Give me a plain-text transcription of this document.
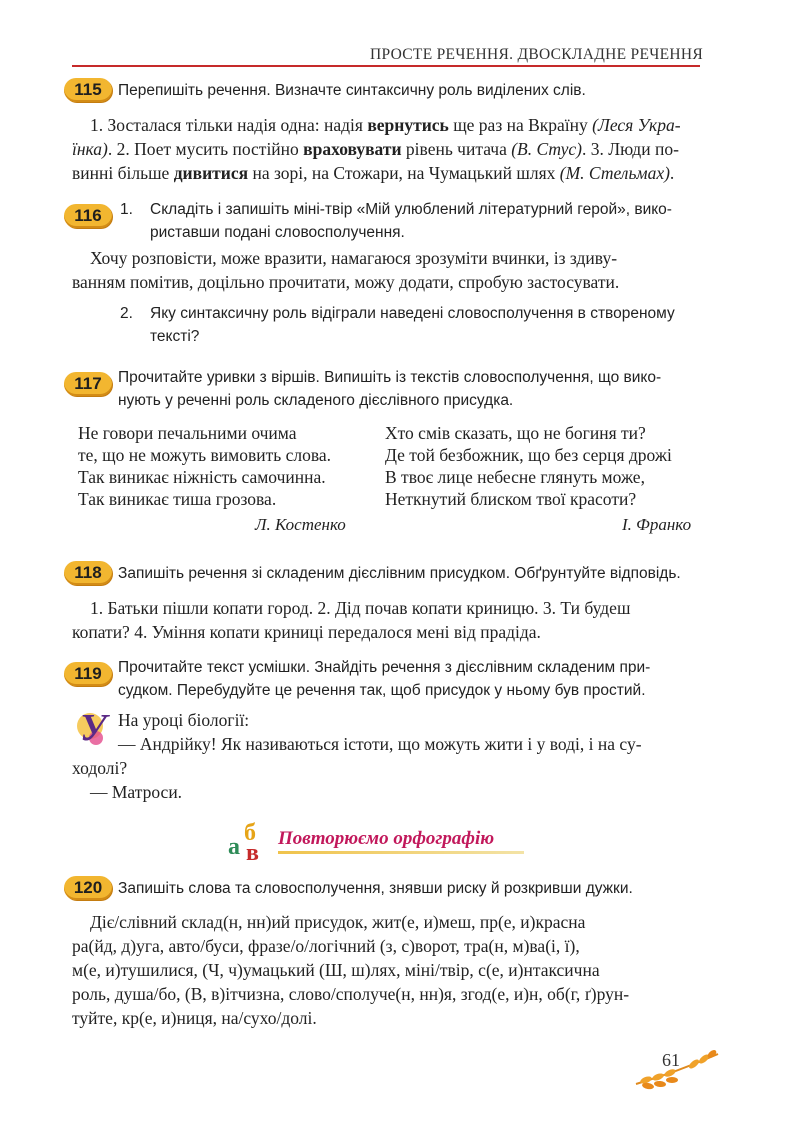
ПРОСТЕ РЕЧЕННЯ. ДВОСКЛАДНЕ РЕЧЕННЯ
115	Перепишіть речення. Визначте синтаксичну роль виділених слів.
1. Зосталася тільки надія одна: надія вернутись ще раз на Вкраїну (Леся Укра-
їнка). 2. Поет мусить постійно враховувати рівень читача (В. Стус). 3. Люди по-
винні більше дивитися на зорі, на Стожари, на Чумацький шлях (М. Стельмах).
116	1. Складіть і запишіть міні-твір «Мій улюблений літературний герой», вико-
риставши подані словосполучення.
Хочу розповісти, може вразити, намагаюся зрозуміти вчинки, із здиву-
ванням помітив, доцільно прочитати, можу додати, спробую застосувати.
2. Яку синтаксичну роль відіграли наведені словосполучення в створеному
тексті?
117	Прочитайте уривки з віршів. Випишіть із текстів словосполучення, що вико-
нують у реченні роль складеного дієслівного присудка.
Не говори печальними очима
те, що не можуть вимовить слова.
Так виникає ніжність самочинна.
Так виникає тиша грозова.
Л. Костенко
Хто смів сказать, що не богиня ти?
Де той безбожник, що без серця дрожі
В твоє лице небесне глянуть може,
Неткнутий блиском твої красоти?
І. Франко
118	Запишіть речення зі складеним дієслівним присудком. Обґрунтуйте відповідь.
1. Батьки пішли копати город. 2. Дід почав копати криницю. 3. Ти будеш
копати? 4. Уміння копати криниці передалося мені від прадіда.
119	Прочитайте текст усмішки. Знайдіть речення з дієслівним складеним при-
судком. Перебудуйте це речення так, щоб присудок у ньому був простий.
У На уроці біології:
— Андрійку! Як називаються істоти, що можуть жити і у воді, і на су-
ходолі?
— Матроси.
а
б
в
Повторюємо орфографію
120	Запишіть слова та словосполучення, знявши риску й розкривши дужки.
Діє/слівний склад(н, нн)ий присудок, жит(е, и)меш, пр(е, и)красна
ра(йд, д)уга, авто/буси, фразе/о/логічний (з, с)ворот, тра(н, м)ва(і, ї),
м(е, и)тушилися, (Ч, ч)умацький (Ш, ш)лях, міні/твір, с(е, и)нтаксична
роль, душа/бо, (В, в)ітчизна, слово/сполуче(н, нн)я, згод(е, и)н, об(г, ґ)рун-
туйте, кр(е, и)ниця, на/сухо/долі.
61
